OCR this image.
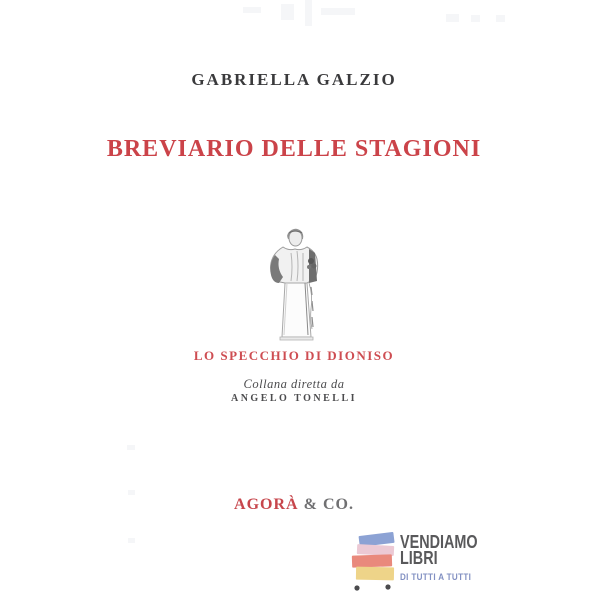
GABRIELLA GALZIO
BREVIARIO DELLE STAGIONI
LO SPECCHIO DI DIONISO
Collana diretta da
ANGELO TONELLI
AGORÀ & CO.
VENDIAMO
LIBRI
DI TUTTI A TUTTI
